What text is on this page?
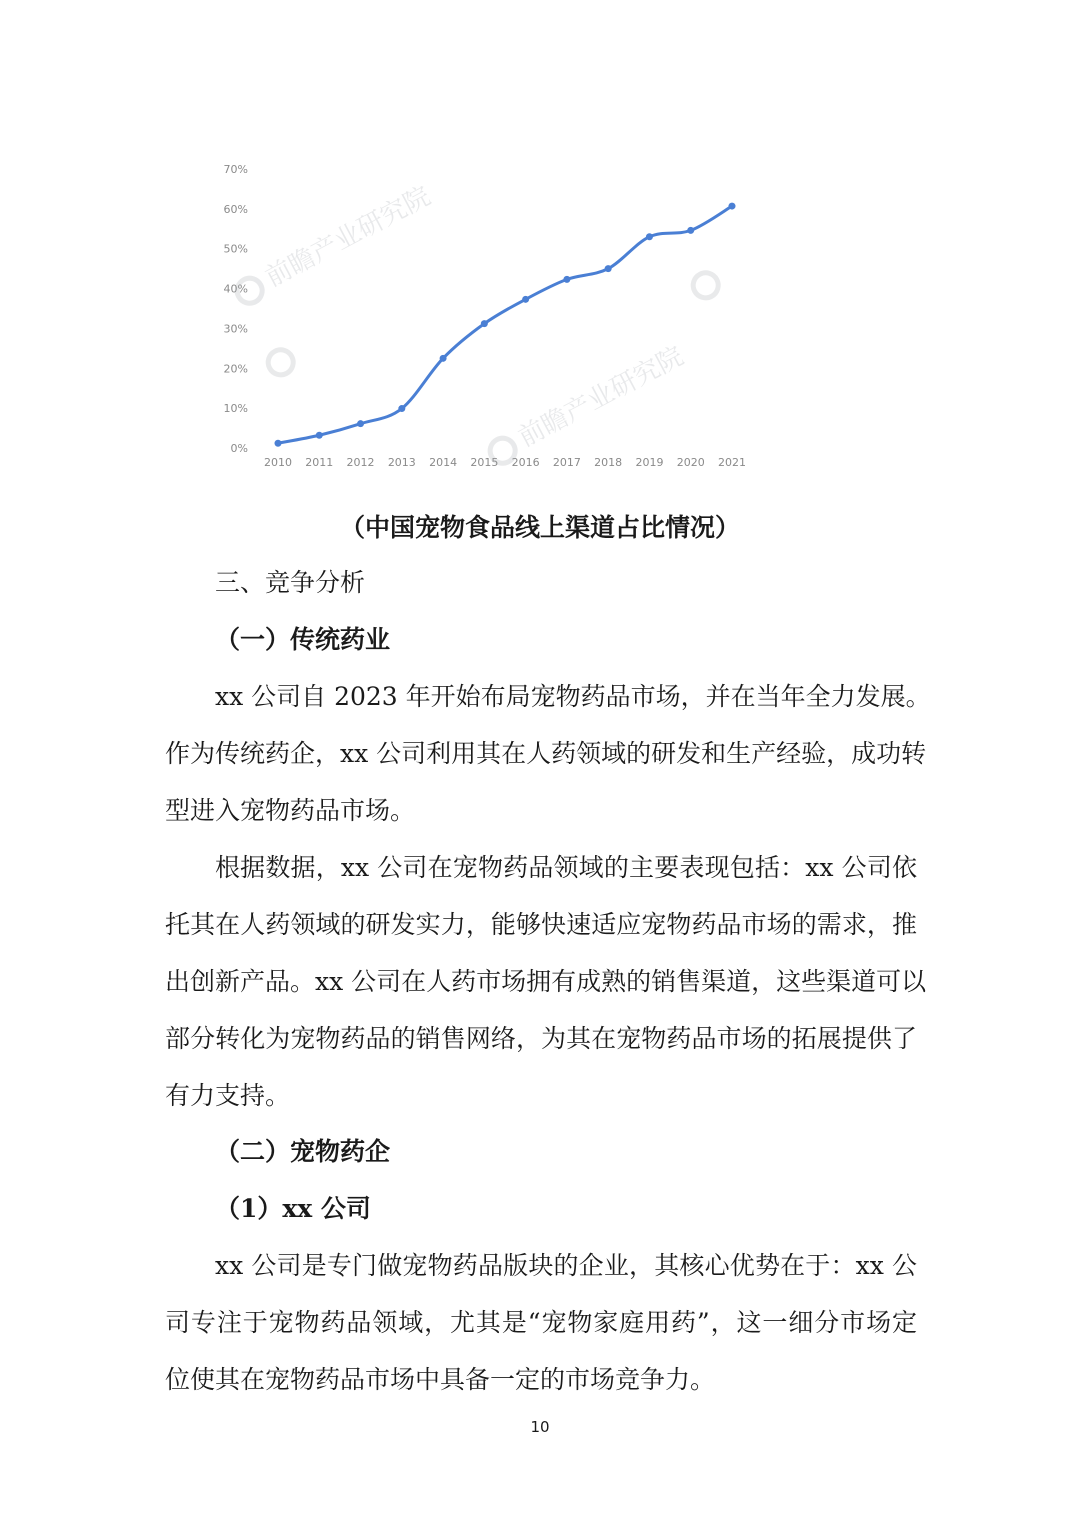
0%
10%
20%
30%
40%
50%
60%
70%
2010 2011 2012 2013 2014 2015 2016 2017 2018 2019 2020 2021
前瞻产业研究院
前瞻产业研究院
（中国宠物食品线上渠道占比情况）
三、竞争分析
（一）传统药业
xx 公司自 2023 年开始布局宠物药品市场，并在当年全力发展。
作为传统药企，xx 公司利用其在人药领域的研发和生产经验，成功转
型进入宠物药品市场。
根据数据，xx 公司在宠物药品领域的主要表现包括：xx 公司依
托其在人药领域的研发实力，能够快速适应宠物药品市场的需求，推
出创新产品。xx 公司在人药市场拥有成熟的销售渠道，这些渠道可以
部分转化为宠物药品的销售网络，为其在宠物药品市场的拓展提供了
有力支持。
（二）宠物药企
（1）xx 公司
xx 公司是专门做宠物药品版块的企业，其核心优势在于：xx 公
司专注于宠物药品领域，尤其是“宠物家庭用药”，这一细分市场定
位使其在宠物药品市场中具备一定的市场竞争力。
10
